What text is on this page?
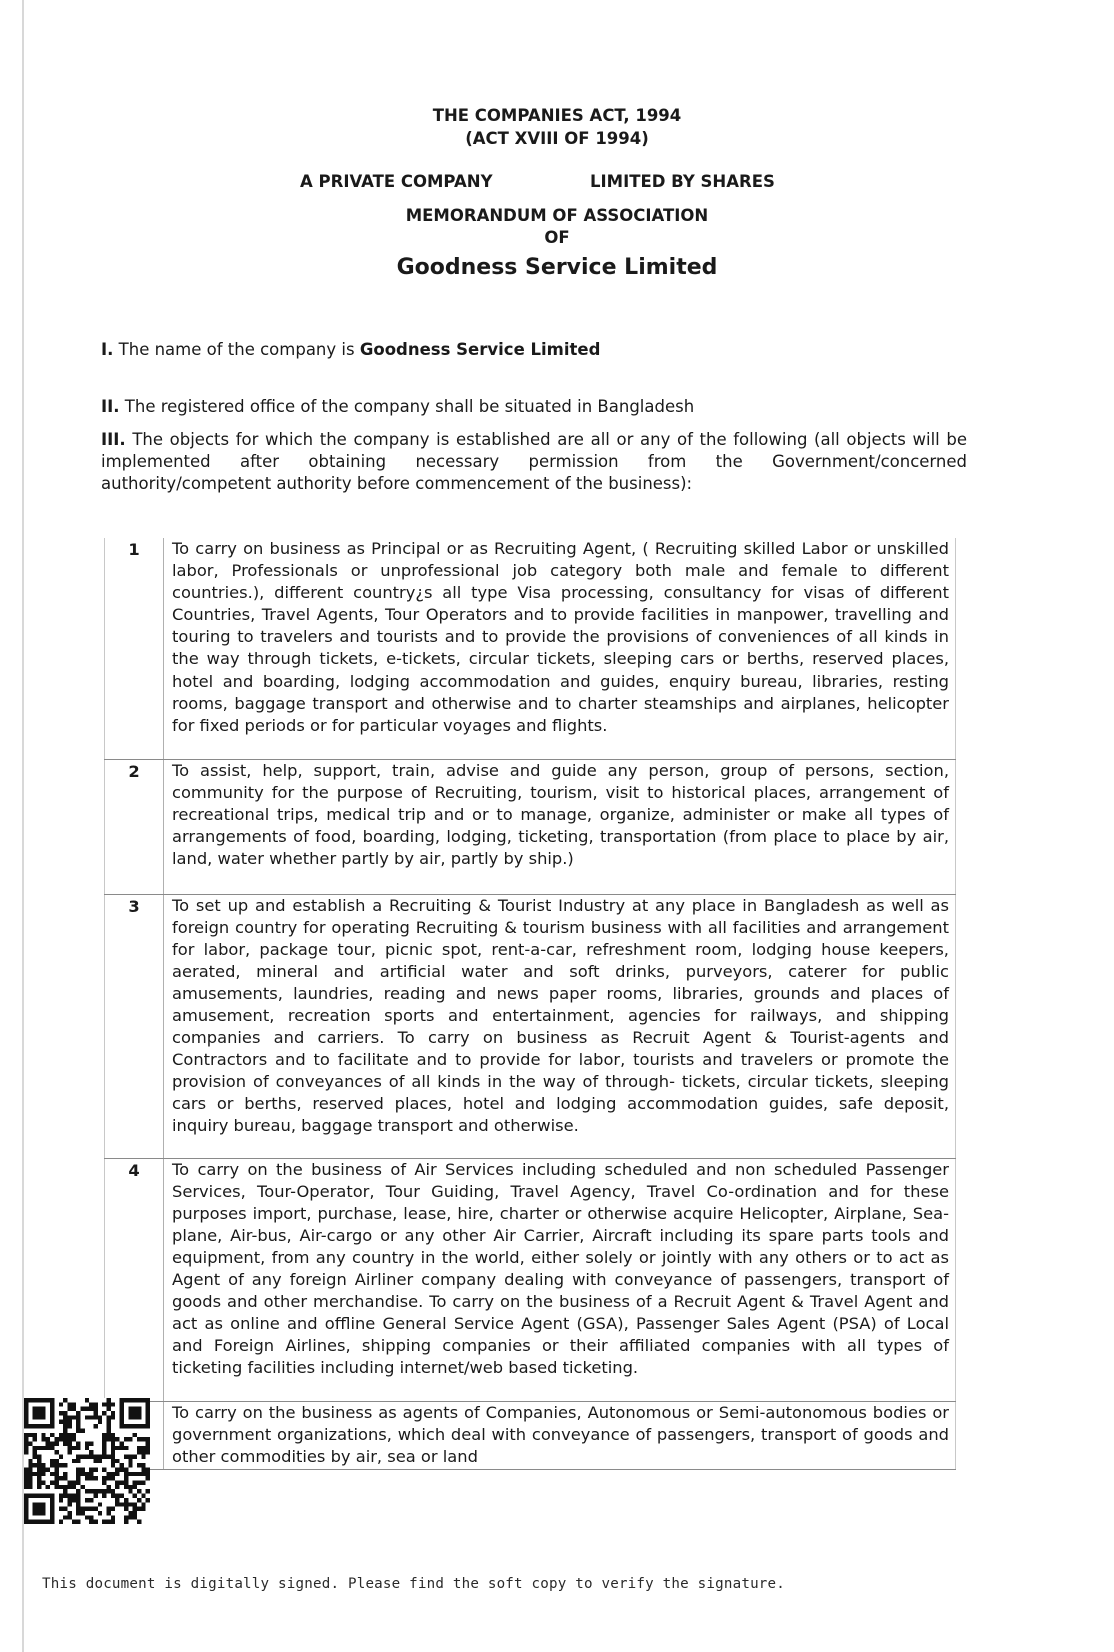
THE COMPANIES ACT, 1994
(ACT XVIII OF 1994)
A PRIVATE COMPANY	LIMITED BY SHARES
MEMORANDUM OF ASSOCIATION
OF
Goodness Service Limited
I. The name of the company is Goodness Service Limited
II. The registered office of the company shall be situated in Bangladesh
III. The objects for which the company is established are all or any of the following (all objects will be implemented after obtaining necessary permission from the Government/concerned authority/competent authority before commencement of the business):
1	To carry on business as Principal or as Recruiting Agent, ( Recruiting skilled Labor or unskilled labor, Professionals or unprofessional job category both male and female to different countries.), different country¿s all type Visa processing, consultancy for visas of different Countries, Travel Agents, Tour Operators and to provide facilities in manpower, travelling and touring to travelers and tourists and to provide the provisions of conveniences of all kinds in the way through tickets, e-tickets, circular tickets, sleeping cars or berths, reserved places, hotel and boarding, lodging accommodation and guides, enquiry bureau, libraries, resting rooms, baggage transport and otherwise and to charter steamships and airplanes, helicopter for fixed periods or for particular voyages and flights.
2	To assist, help, support, train, advise and guide any person, group of persons, section, community for the purpose of Recruiting, tourism, visit to historical places, arrangement of recreational trips, medical trip and or to manage, organize, administer or make all types of arrangements of food, boarding, lodging, ticketing, transportation (from place to place by air, land, water whether partly by air, partly by ship.)
3	To set up and establish a Recruiting & Tourist Industry at any place in Bangladesh as well as foreign country for operating Recruiting & tourism business with all facilities and arrangement for labor, package tour, picnic spot, rent-a-car, refreshment room, lodging house keepers, aerated, mineral and artificial water and soft drinks, purveyors, caterer for public amusements, laundries, reading and news paper rooms, libraries, grounds and places of amusement, recreation sports and entertainment, agencies for railways, and shipping companies and carriers. To carry on business as Recruit Agent & Tourist-agents and Contractors and to facilitate and to provide for labor, tourists and travelers or promote the provision of conveyances of all kinds in the way of through- tickets, circular tickets, sleeping cars or berths, reserved places, hotel and lodging accommodation guides, safe deposit, inquiry bureau, baggage transport and otherwise.
4	To carry on the business of Air Services including scheduled and non scheduled Passenger Services, Tour-Operator, Tour Guiding, Travel Agency, Travel Co-ordination and for these purposes import, purchase, lease, hire, charter or otherwise acquire Helicopter, Airplane, Sea-plane, Air-bus, Air-cargo or any other Air Carrier, Aircraft including its spare parts tools and equipment, from any country in the world, either solely or jointly with any others or to act as Agent of any foreign Airliner company dealing with conveyance of passengers, transport of goods and other merchandise. To carry on the business of a Recruit Agent & Travel Agent and act as online and offline General Service Agent (GSA), Passenger Sales Agent (PSA) of Local and Foreign Airlines, shipping companies or their affiliated companies with all types of ticketing facilities including internet/web based ticketing.
	To carry on the business as agents of Companies, Autonomous or Semi-autonomous bodies or government organizations, which deal with conveyance of passengers, transport of goods and other commodities by air, sea or land
This document is digitally signed. Please find the soft copy to verify the signature.
